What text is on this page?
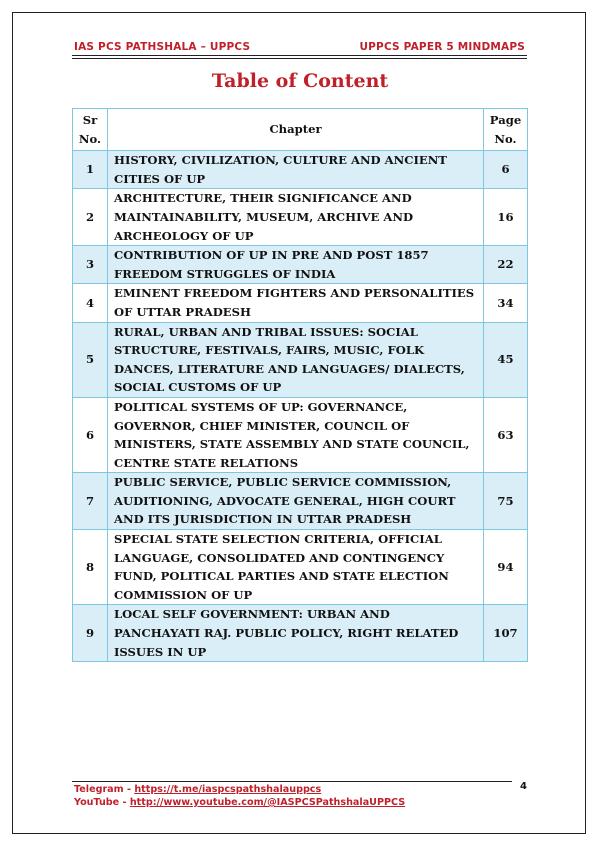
IAS PCS PATHSHALA – UPPCS	UPPCS PAPER 5 MINDMAPS
Table of Content
Sr No.	Chapter	Page No.
1	HISTORY, CIVILIZATION, CULTURE AND ANCIENT CITIES OF UP	6
2	ARCHITECTURE, THEIR SIGNIFICANCE AND MAINTAINABILITY, MUSEUM, ARCHIVE AND ARCHEOLOGY OF UP	16
3	CONTRIBUTION OF UP IN PRE AND POST 1857 FREEDOM STRUGGLES OF INDIA	22
4	EMINENT FREEDOM FIGHTERS AND PERSONALITIES OF UTTAR PRADESH	34
5	RURAL, URBAN AND TRIBAL ISSUES: SOCIAL STRUCTURE, FESTIVALS, FAIRS, MUSIC, FOLK DANCES, LITERATURE AND LANGUAGES/ DIALECTS, SOCIAL CUSTOMS OF UP	45
6	POLITICAL SYSTEMS OF UP: GOVERNANCE, GOVERNOR, CHIEF MINISTER, COUNCIL OF MINISTERS, STATE ASSEMBLY AND STATE COUNCIL, CENTRE STATE RELATIONS	63
7	PUBLIC SERVICE, PUBLIC SERVICE COMMISSION, AUDITIONING, ADVOCATE GENERAL, HIGH COURT AND ITS JURISDICTION IN UTTAR PRADESH	75
8	SPECIAL STATE SELECTION CRITERIA, OFFICIAL LANGUAGE, CONSOLIDATED AND CONTINGENCY FUND, POLITICAL PARTIES AND STATE ELECTION COMMISSION OF UP	94
9	LOCAL SELF GOVERNMENT: URBAN AND PANCHAYATI RAJ. PUBLIC POLICY, RIGHT RELATED ISSUES IN UP	107
Telegram - https://t.me/iaspcspathshalauppcs
YouTube - http://www.youtube.com/@IASPCSPathshalaUPPCS
4
